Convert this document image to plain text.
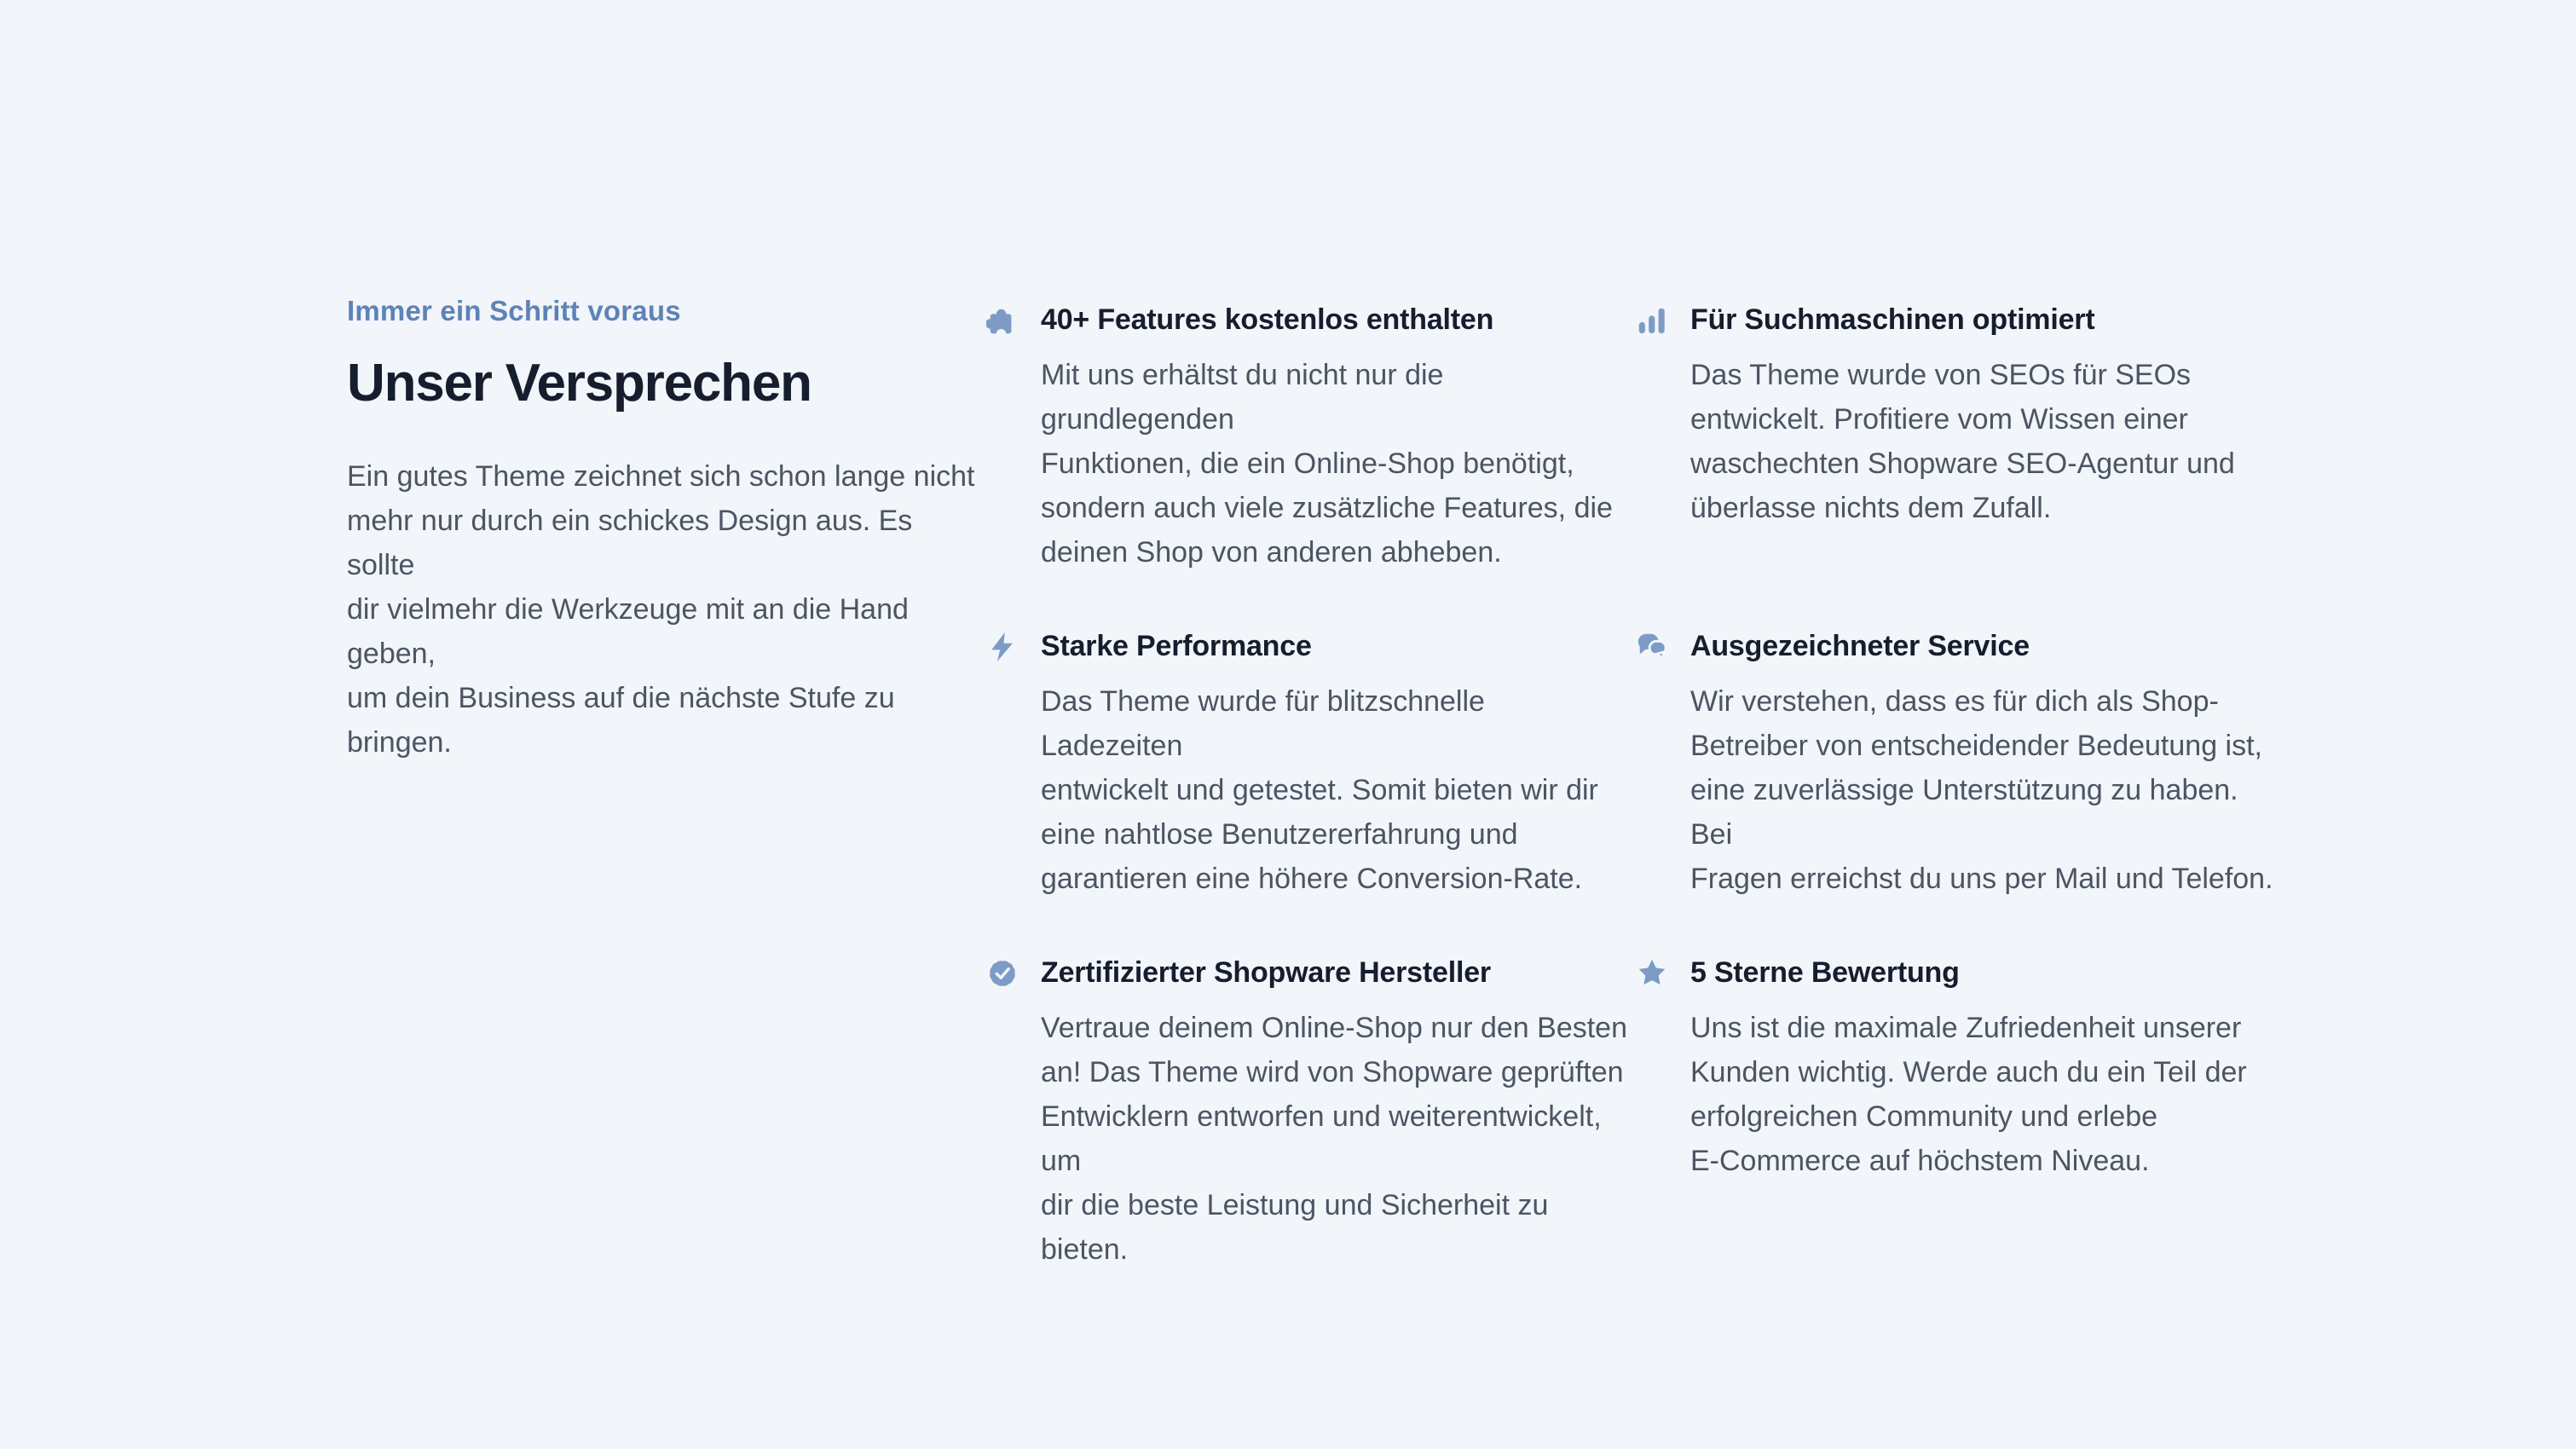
Immer ein Schritt voraus
Unser Versprechen

Ein gutes Theme zeichnet sich schon lange nicht
mehr nur durch ein schickes Design aus. Es sollte
dir vielmehr die Werkzeuge mit an die Hand geben,
um dein Business auf die nächste Stufe zu bringen.

40+ Features kostenlos enthalten

Mit uns erhältst du nicht nur die grundlegenden
Funktionen, die ein Online-Shop benötigt,
sondern auch viele zusätzliche Features, die
deinen Shop von anderen abheben.

Für Suchmaschinen optimiert

Das Theme wurde von SEOs für SEOs
entwickelt. Profitiere vom Wissen einer
waschechten Shopware SEO-Agentur und
überlasse nichts dem Zufall.

Starke Performance

Das Theme wurde für blitzschnelle Ladezeiten
entwickelt und getestet. Somit bieten wir dir
eine nahtlose Benutzererfahrung und
garantieren eine höhere Conversion-Rate.

Ausgezeichneter Service

Wir verstehen, dass es für dich als Shop-
Betreiber von entscheidender Bedeutung ist,
eine zuverlässige Unterstützung zu haben. Bei
Fragen erreichst du uns per Mail und Telefon.

Zertifizierter Shopware Hersteller

Vertraue deinem Online-Shop nur den Besten
an! Das Theme wird von Shopware geprüften
Entwicklern entworfen und weiterentwickelt, um
dir die beste Leistung und Sicherheit zu bieten.

5 Sterne Bewertung

Uns ist die maximale Zufriedenheit unserer
Kunden wichtig. Werde auch du ein Teil der
erfolgreichen Community und erlebe
E-Commerce auf höchstem Niveau.
